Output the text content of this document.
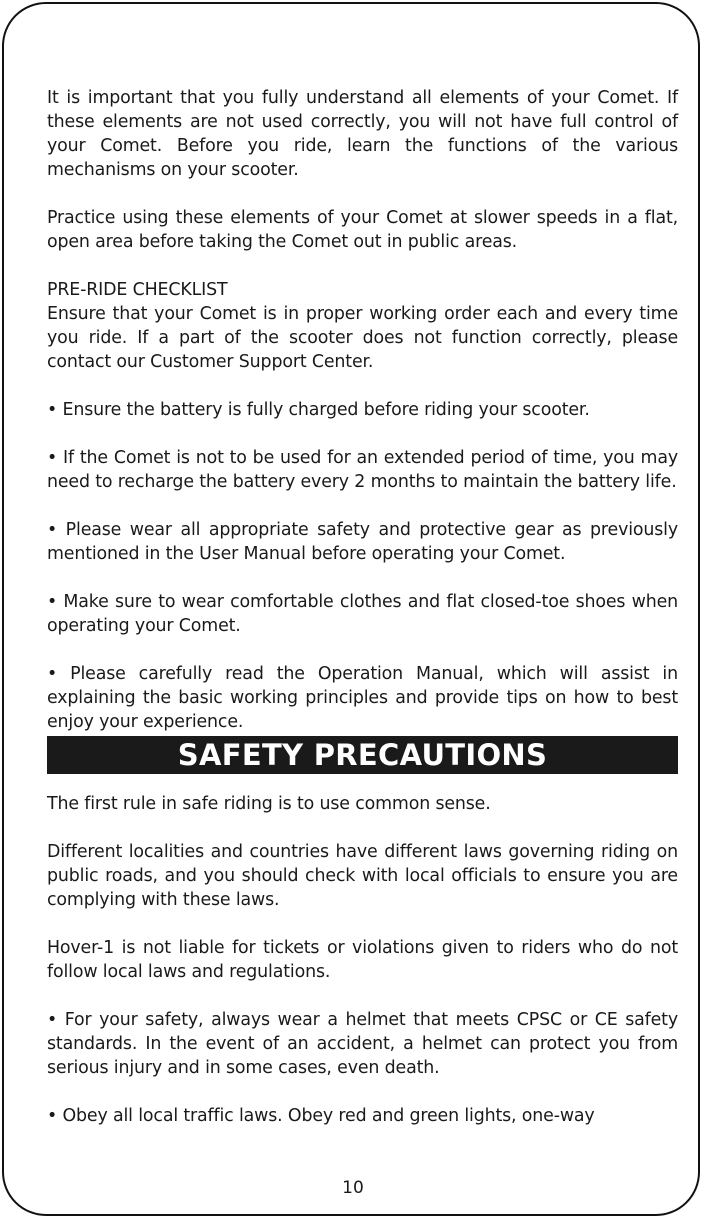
It is important that you fully understand all elements of your Comet. If these elements are not used correctly, you will not have full control of your Comet. Before you ride, learn the functions of the various mechanisms on your scooter.

Practice using these elements of your Comet at slower speeds in a flat, open area before taking the Comet out in public areas.

PRE-RIDE CHECKLIST

Ensure that your Comet is in proper working order each and every time you ride. If a part of the scooter does not function correctly, please contact our Customer Support Center.

• Ensure the battery is fully charged before riding your scooter.

• If the Comet is not to be used for an extended period of time, you may need to recharge the battery every 2 months to maintain the battery life.

• Please wear all appropriate safety and protective gear as previously mentioned in the User Manual before operating your Comet.

• Make sure to wear comfortable clothes and flat closed-toe shoes when operating your Comet.

• Please carefully read the Operation Manual, which will assist in explaining the basic working principles and provide tips on how to best enjoy your experience.

SAFETY PRECAUTIONS

The first rule in safe riding is to use common sense.

Different localities and countries have different laws governing riding on public roads, and you should check with local officials to ensure you are complying with these laws.

Hover-1 is not liable for tickets or violations given to riders who do not follow local laws and regulations.

• For your safety, always wear a helmet that meets CPSC or CE safety standards. In the event of an accident, a helmet can protect you from serious injury and in some cases, even death.

• Obey all local traffic laws. Obey red and green lights, one-way

10
